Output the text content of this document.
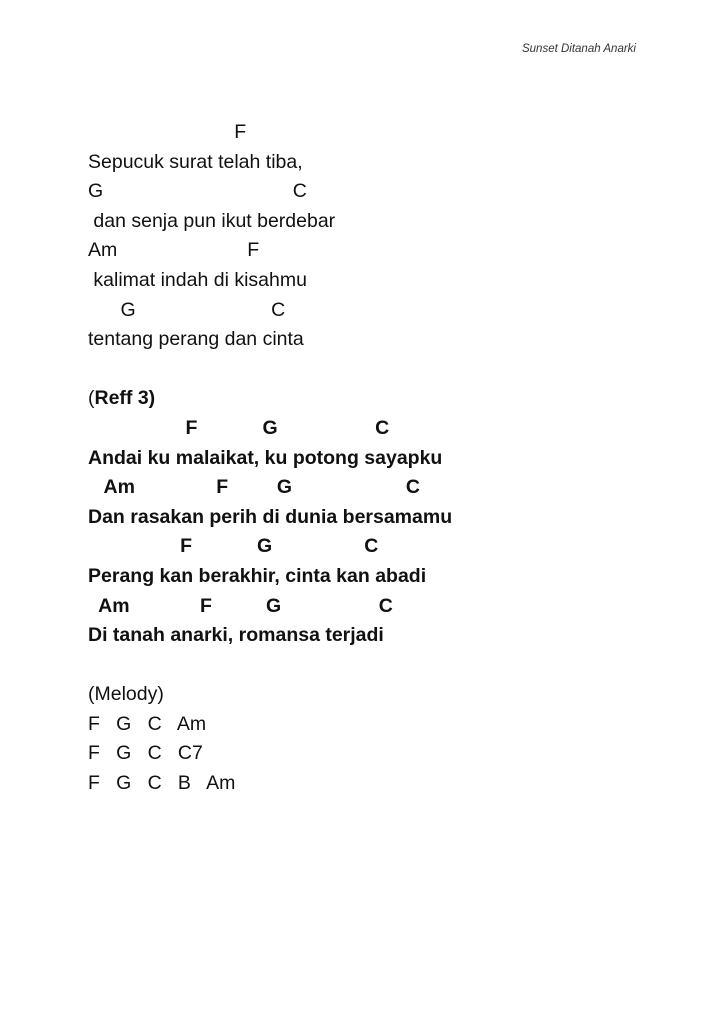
Sunset Ditanah Anarki
F
Sepucuk surat telah tiba,
G                                   C
dan senja pun ikut berdebar
Am                        F
kalimat indah di kisahmu
G                         C
tentang perang dan cinta
(Reff 3)
F            G                  C
Andai ku malaikat, ku potong sayapku
Am               F         G                     C
Dan rasakan perih di dunia bersamamu
F            G                 C
Perang kan berakhir, cinta kan abadi
Am             F          G                  C
Di tanah anarki, romansa terjadi
(Melody)
F   G   C   Am
F   G   C   C7
F   G   C   B   Am
